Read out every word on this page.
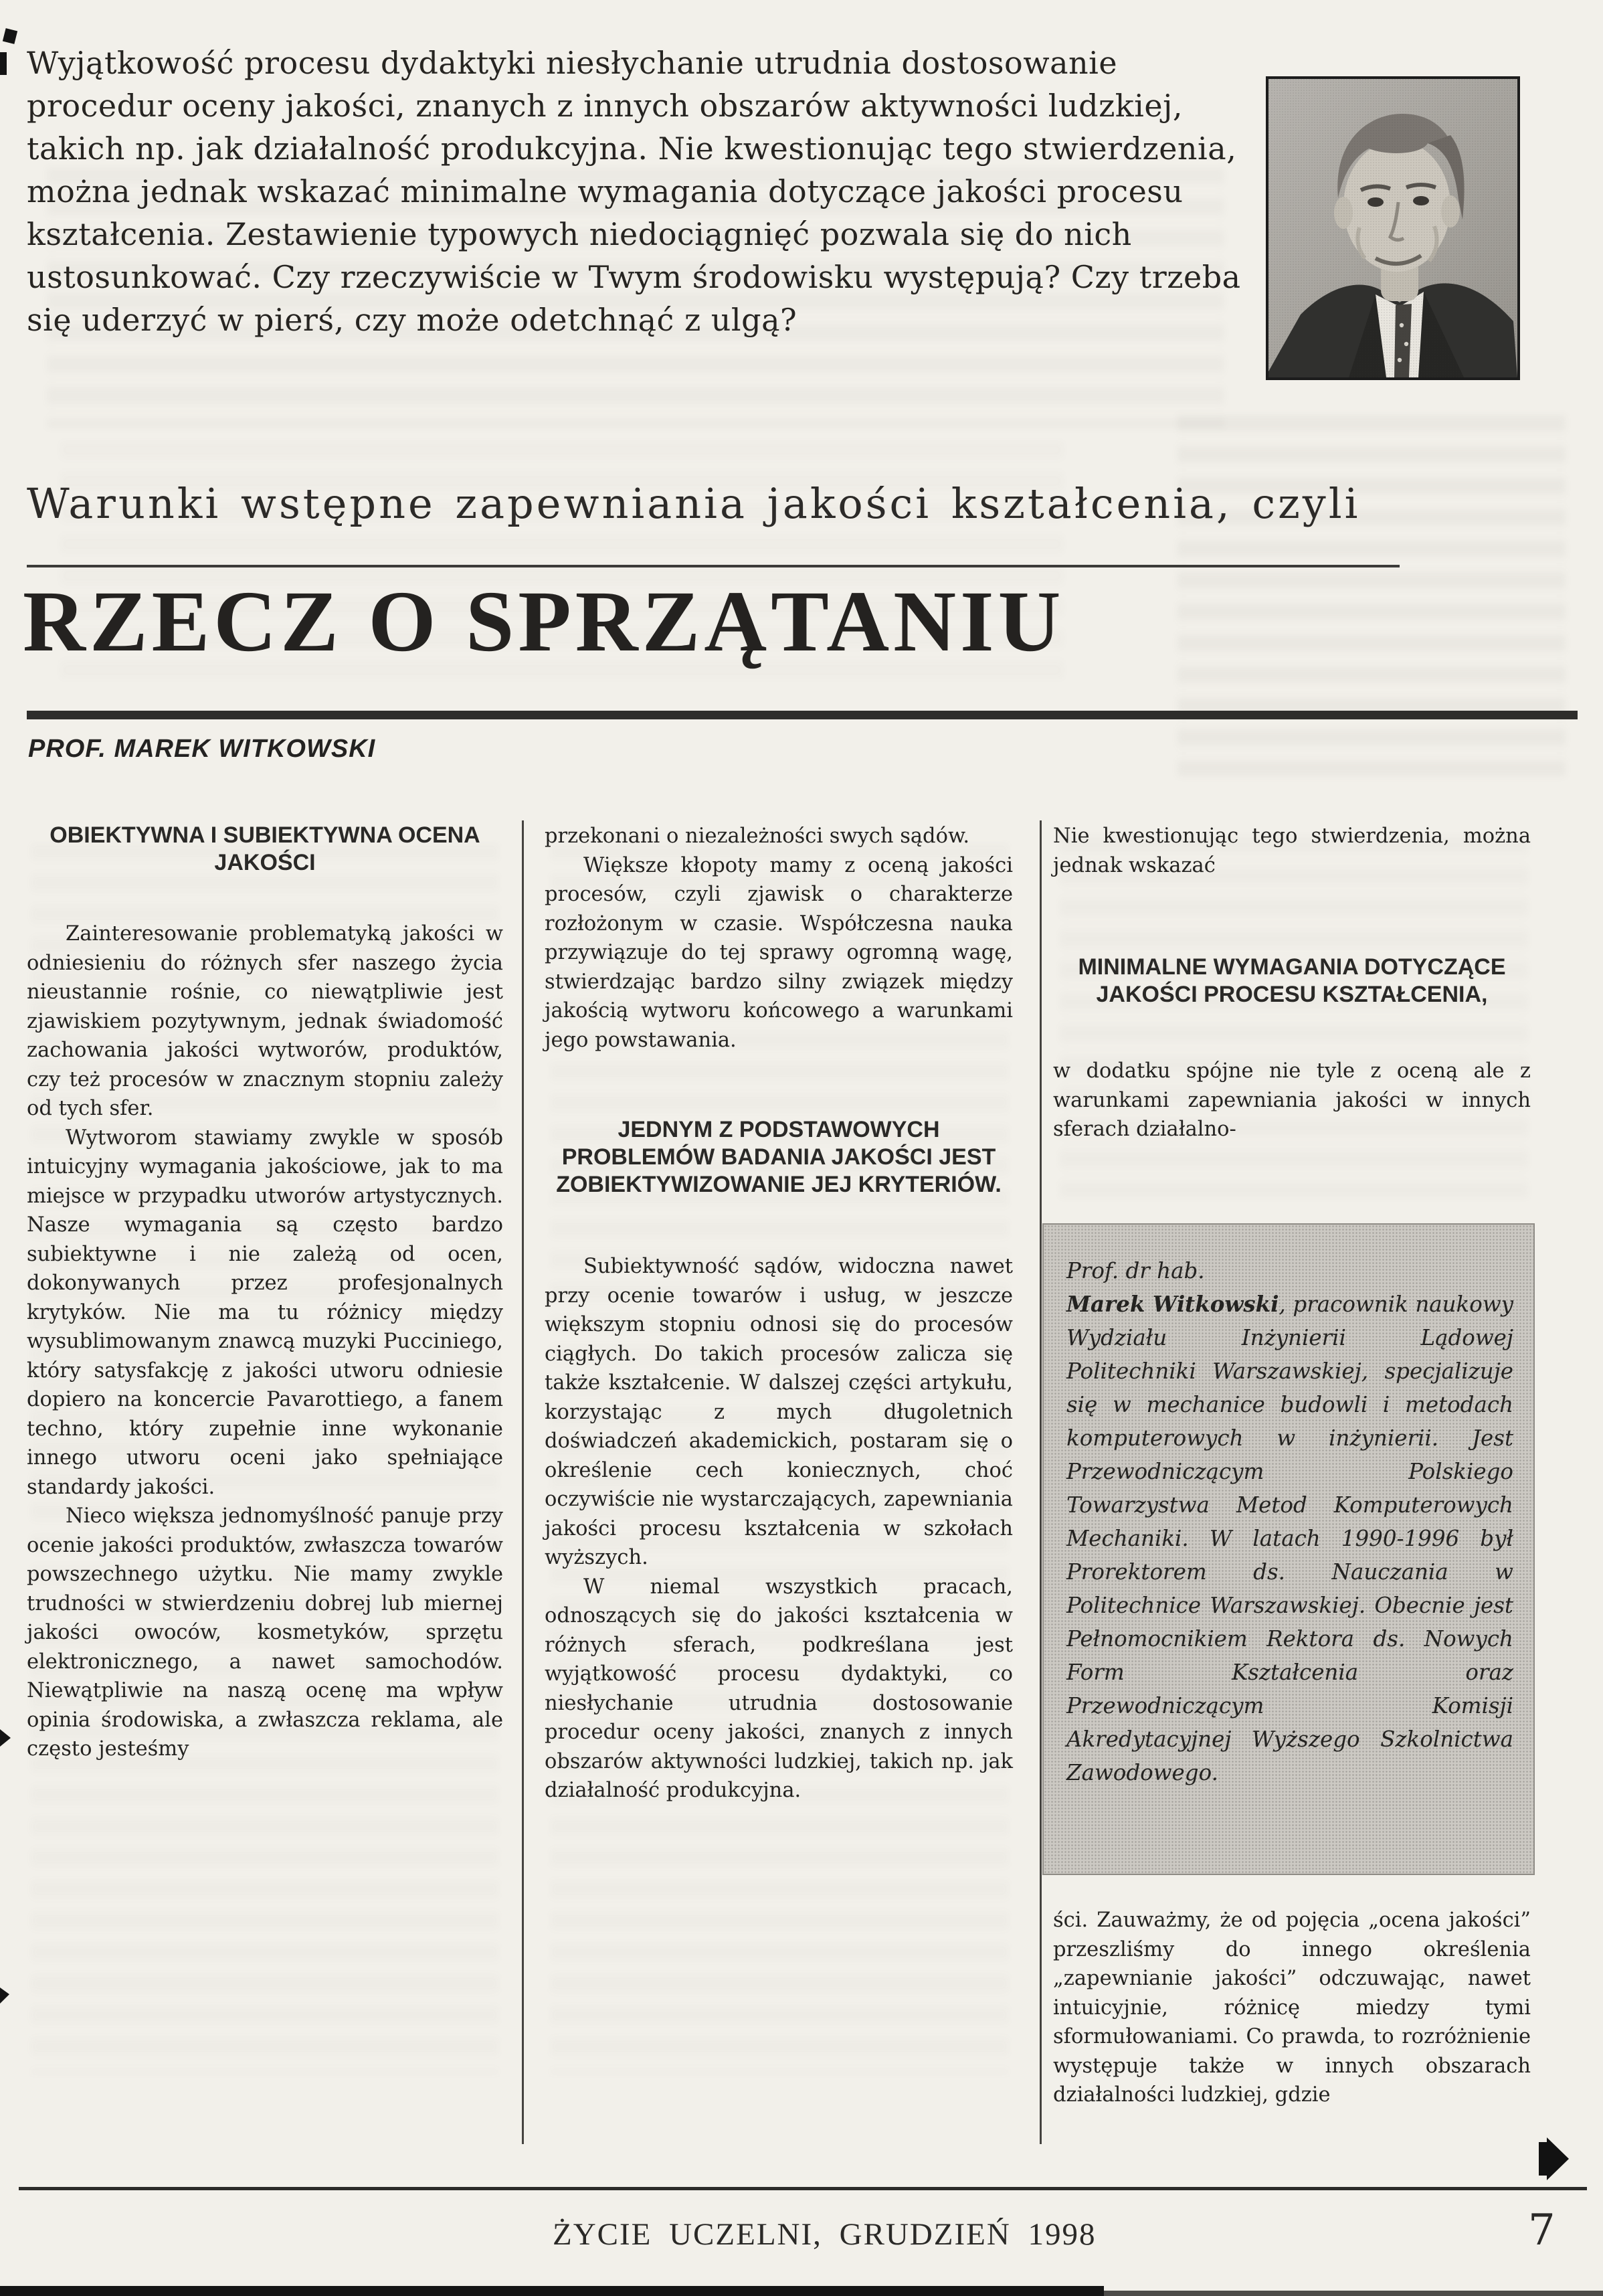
Wyjątkowość procesu dydaktyki niesłychanie utrudnia dostosowanie procedur oceny jakości, znanych z innych obszarów aktywności ludzkiej, takich np. jak działalność produkcyjna. Nie kwestionując tego stwierdzenia, można jednak wskazać minimalne wymagania dotyczące jakości procesu kształcenia. Zestawienie typowych niedociągnięć pozwala się do nich ustosunkować. Czy rzeczywiście w Twym środowisku występują? Czy trzeba się uderzyć w pierś, czy może odetchnąć z ulgą?
Warunki wstępne zapewniania jakości kształcenia, czyli
RZECZ O SPRZĄTANIU
PROF. MAREK WITKOWSKI
OBIEKTYWNA I SUBIEKTYWNA OCENA JAKOŚCI

Zainteresowanie problematyką jakości w odniesieniu do różnych sfer naszego życia nieustannie rośnie, co niewątpliwie jest zjawiskiem pozytywnym, jednak świadomość zachowania jakości wytworów, produktów, czy też procesów w znacznym stopniu zależy od tych sfer.

Wytworom stawiamy zwykle w sposób intuicyjny wymagania jakościowe, jak to ma miejsce w przypadku utworów artystycznych. Nasze wymagania są często bardzo subiektywne i nie zależą od ocen, dokonywanych przez profesjonalnych krytyków. Nie ma tu różnicy między wysublimowanym znawcą muzyki Pucciniego, który satysfakcję z jakości utworu odniesie dopiero na koncercie Pavarottiego, a fanem techno, który zupełnie inne wykonanie innego utworu oceni jako spełniające standardy jakości.

Nieco większa jednomyślność panuje przy ocenie jakości produktów, zwłaszcza towarów powszechnego użytku. Nie mamy zwykle trudności w stwierdzeniu dobrej lub miernej jakości owoców, kosmetyków, sprzętu elektronicznego, a nawet samochodów. Niewątpliwie na naszą ocenę ma wpływ opinia środowiska, a zwłaszcza reklama, ale często jesteśmy

przekonani o niezależności swych sądów.

Większe kłopoty mamy z oceną jakości procesów, czyli zjawisk o charakterze rozłożonym w czasie. Współczesna nauka przywiązuje do tej sprawy ogromną wagę, stwierdzając bardzo silny związek między jakością wytworu końcowego a warunkami jego powstawania.

JEDNYM Z PODSTAWOWYCH PROBLEMÓW BADANIA JAKOŚCI JEST ZOBIEKTYWIZOWANIE JEJ KRYTERIÓW.

Subiektywność sądów, widoczna nawet przy ocenie towarów i usług, w jeszcze większym stopniu odnosi się do procesów ciągłych. Do takich procesów zalicza się także kształcenie. W dalszej części artykułu, korzystając z mych długoletnich doświadczeń akademickich, postaram się o określenie cech koniecznych, choć oczywiście nie wystarczających, zapewniania jakości procesu kształcenia w szkołach wyższych.

W niemal wszystkich pracach, odnoszących się do jakości kształcenia w różnych sferach, podkreślana jest wyjątkowość procesu dydaktyki, co niesłychanie utrudnia dostosowanie procedur oceny jakości, znanych z innych obszarów aktywności ludzkiej, takich np. jak działalność produkcyjna.

Nie kwestionując tego stwierdzenia, można jednak wskazać

MINIMALNE WYMAGANIA DOTYCZĄCE JAKOŚCI PROCESU KSZTAŁCENIA,

w dodatku spójne nie tyle z oceną ale z warunkami zapewniania jakości w innych sferach działalno-

Prof. dr hab.

Marek Witkowski, pracownik naukowy Wydziału Inżynierii Lądowej Politechniki Warszawskiej, specjalizuje się w mechanice budowli i metodach komputerowych w inżynierii. Jest Przewodniczącym Polskiego Towarzystwa Metod Komputerowych Mechaniki. W latach 1990-1996 był Prorektorem ds. Nauczania w Politechnice Warszawskiej. Obecnie jest Pełnomocnikiem Rektora ds. Nowych Form Kształcenia oraz Przewodniczącym Komisji Akredytacyjnej Wyższego Szkolnictwa Zawodowego.

ści. Zauważmy, że od pojęcia „ocena jakości” przeszliśmy do innego określenia „zapewnianie jakości” odczuwając, nawet intuicyjnie, różnicę miedzy tymi sformułowaniami. Co prawda, to rozróżnienie występuje także w innych obszarach działalności ludzkiej, gdzie

ŻYCIE UCZELNI, GRUDZIEŃ 1998	7
